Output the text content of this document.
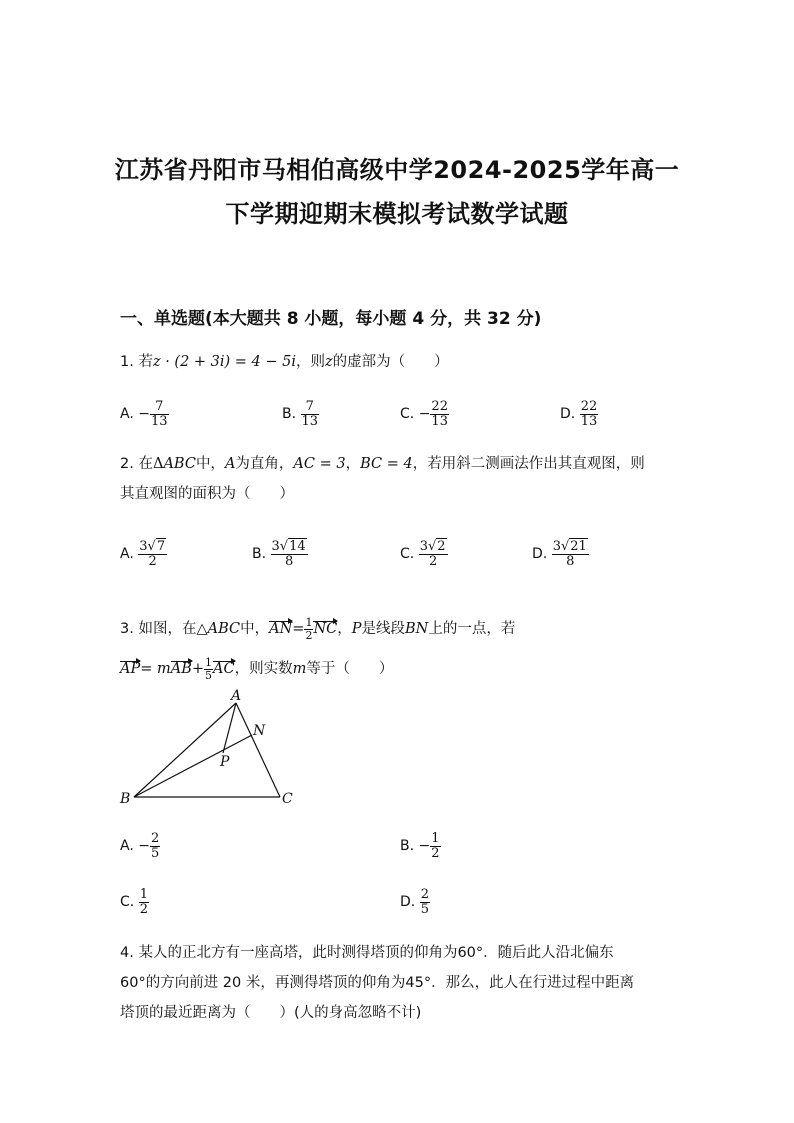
江苏省丹阳市马相伯高级中学2024-2025学年高一
下学期迎期末模拟考试数学试题
一、单选题(本大题共 8 小题，每小题 4 分，共 32 分)
1. 若z · (2 + 3i) = 4 − 5i，则z的虚部为（　　）
A. − $\frac{7}{13}$	B. $\frac{7}{13}$	C. − $\frac{22}{13}$	D. $\frac{22}{13}$
2. 在ΔABC中，A为直角，AC = 3，BC = 4，若用斜二测画法作出其直观图，则
其直观图的面积为（　　）
A. $\frac{3√7}{2}$	B. $\frac{3√14}{8}$	C. $\frac{3√2}{2}$	D. $\frac{3√21}{8}$
3. 如图，在△ABC中，$AN= \frac{1}{2}$ NC，P是线段BN上的一点，若
$AP= mAB+ \frac{1}{5}$ AC，则实数m等于（　　）
A
N
P
B	C
A. − $\frac{2}{5}$	B. − $\frac{1}{2}$
C. $\frac{1}{2}$	D. $\frac{2}{5}$
4. 某人的正北方有一座高塔，此时测得塔顶的仰角为60°．随后此人沿北偏东
60°的方向前进 20 米，再测得塔顶的仰角为45°．那么，此人在行进过程中距离
塔顶的最近距离为（　　）(人的身高忽略不计)
